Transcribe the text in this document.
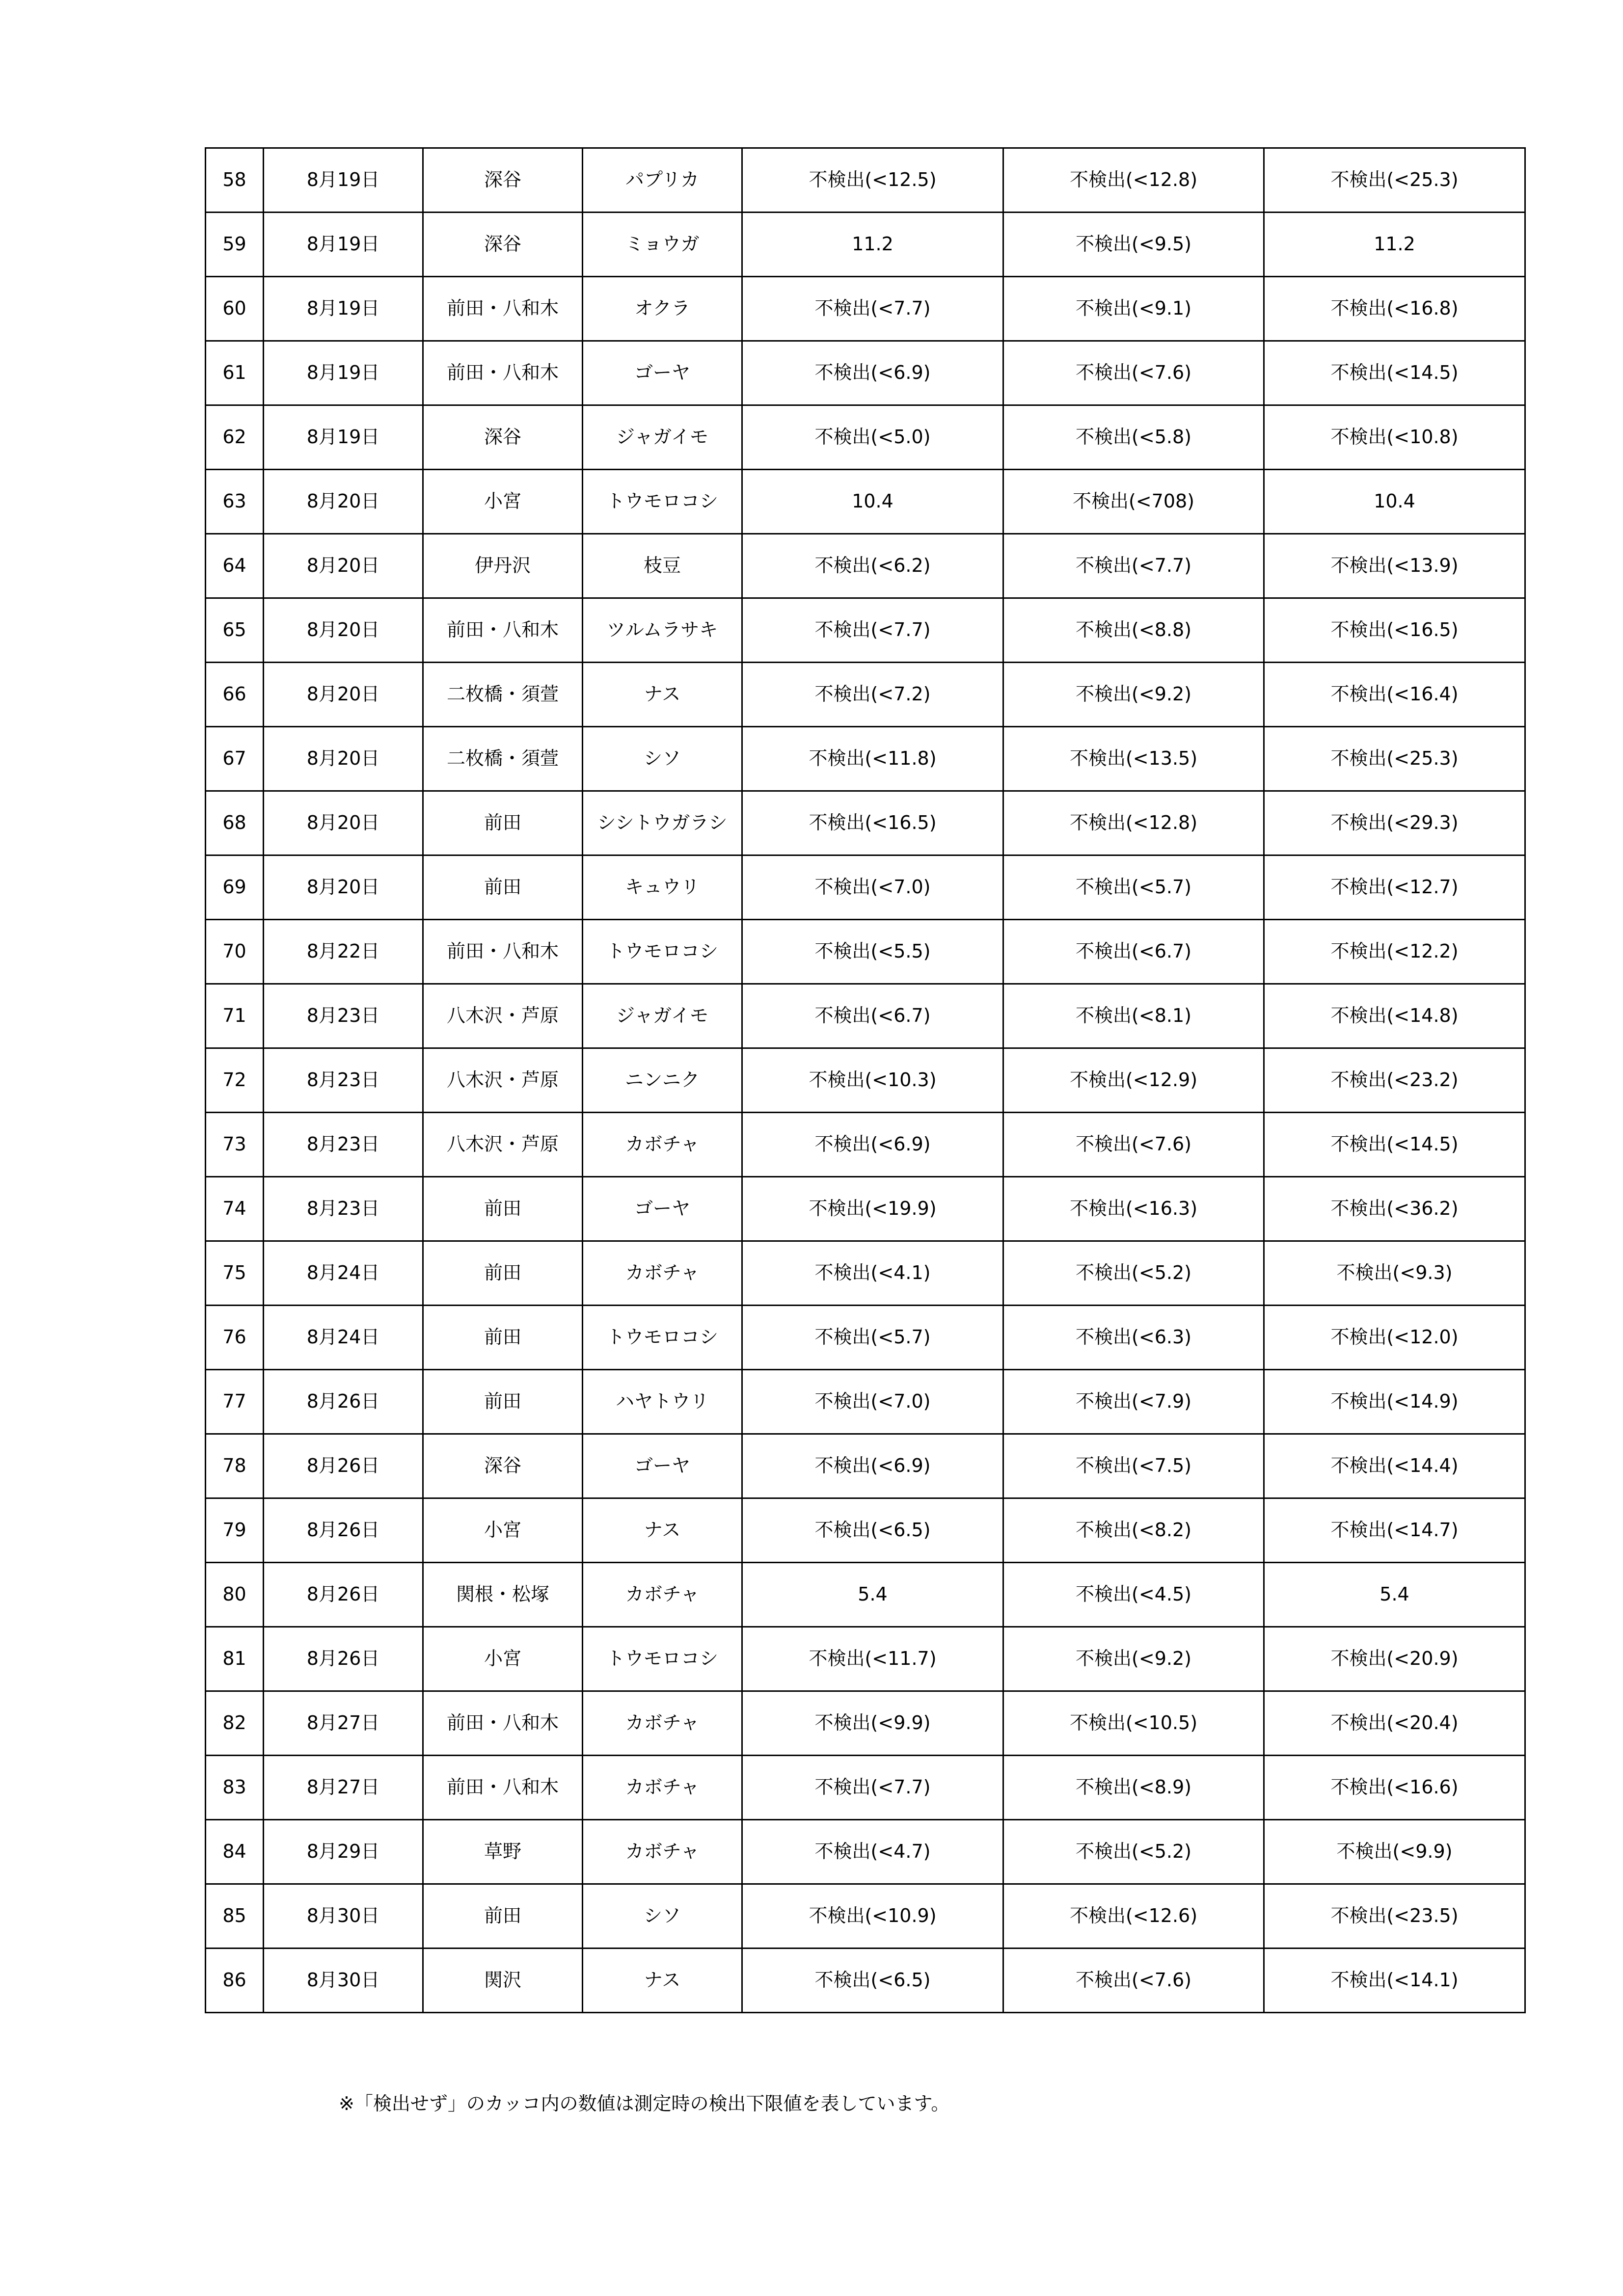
58	8月19日	深谷	パプリカ	不検出(<12.5)	不検出(<12.8)	不検出(<25.3)
59	8月19日	深谷	ミョウガ	11.2	不検出(<9.5)	11.2
60	8月19日	前田・八和木	オクラ	不検出(<7.7)	不検出(<9.1)	不検出(<16.8)
61	8月19日	前田・八和木	ゴーヤ	不検出(<6.9)	不検出(<7.6)	不検出(<14.5)
62	8月19日	深谷	ジャガイモ	不検出(<5.0)	不検出(<5.8)	不検出(<10.8)
63	8月20日	小宮	トウモロコシ	10.4	不検出(<708)	10.4
64	8月20日	伊丹沢	枝豆	不検出(<6.2)	不検出(<7.7)	不検出(<13.9)
65	8月20日	前田・八和木	ツルムラサキ	不検出(<7.7)	不検出(<8.8)	不検出(<16.5)
66	8月20日	二枚橋・須萱	ナス	不検出(<7.2)	不検出(<9.2)	不検出(<16.4)
67	8月20日	二枚橋・須萱	シソ	不検出(<11.8)	不検出(<13.5)	不検出(<25.3)
68	8月20日	前田	シシトウガラシ	不検出(<16.5)	不検出(<12.8)	不検出(<29.3)
69	8月20日	前田	キュウリ	不検出(<7.0)	不検出(<5.7)	不検出(<12.7)
70	8月22日	前田・八和木	トウモロコシ	不検出(<5.5)	不検出(<6.7)	不検出(<12.2)
71	8月23日	八木沢・芦原	ジャガイモ	不検出(<6.7)	不検出(<8.1)	不検出(<14.8)
72	8月23日	八木沢・芦原	ニンニク	不検出(<10.3)	不検出(<12.9)	不検出(<23.2)
73	8月23日	八木沢・芦原	カボチャ	不検出(<6.9)	不検出(<7.6)	不検出(<14.5)
74	8月23日	前田	ゴーヤ	不検出(<19.9)	不検出(<16.3)	不検出(<36.2)
75	8月24日	前田	カボチャ	不検出(<4.1)	不検出(<5.2)	不検出(<9.3)
76	8月24日	前田	トウモロコシ	不検出(<5.7)	不検出(<6.3)	不検出(<12.0)
77	8月26日	前田	ハヤトウリ	不検出(<7.0)	不検出(<7.9)	不検出(<14.9)
78	8月26日	深谷	ゴーヤ	不検出(<6.9)	不検出(<7.5)	不検出(<14.4)
79	8月26日	小宮	ナス	不検出(<6.5)	不検出(<8.2)	不検出(<14.7)
80	8月26日	関根・松塚	カボチャ	5.4	不検出(<4.5)	5.4
81	8月26日	小宮	トウモロコシ	不検出(<11.7)	不検出(<9.2)	不検出(<20.9)
82	8月27日	前田・八和木	カボチャ	不検出(<9.9)	不検出(<10.5)	不検出(<20.4)
83	8月27日	前田・八和木	カボチャ	不検出(<7.7)	不検出(<8.9)	不検出(<16.6)
84	8月29日	草野	カボチャ	不検出(<4.7)	不検出(<5.2)	不検出(<9.9)
85	8月30日	前田	シソ	不検出(<10.9)	不検出(<12.6)	不検出(<23.5)
86	8月30日	関沢	ナス	不検出(<6.5)	不検出(<7.6)	不検出(<14.1)
※「検出せず」のカッコ内の数値は測定時の検出下限値を表しています。
